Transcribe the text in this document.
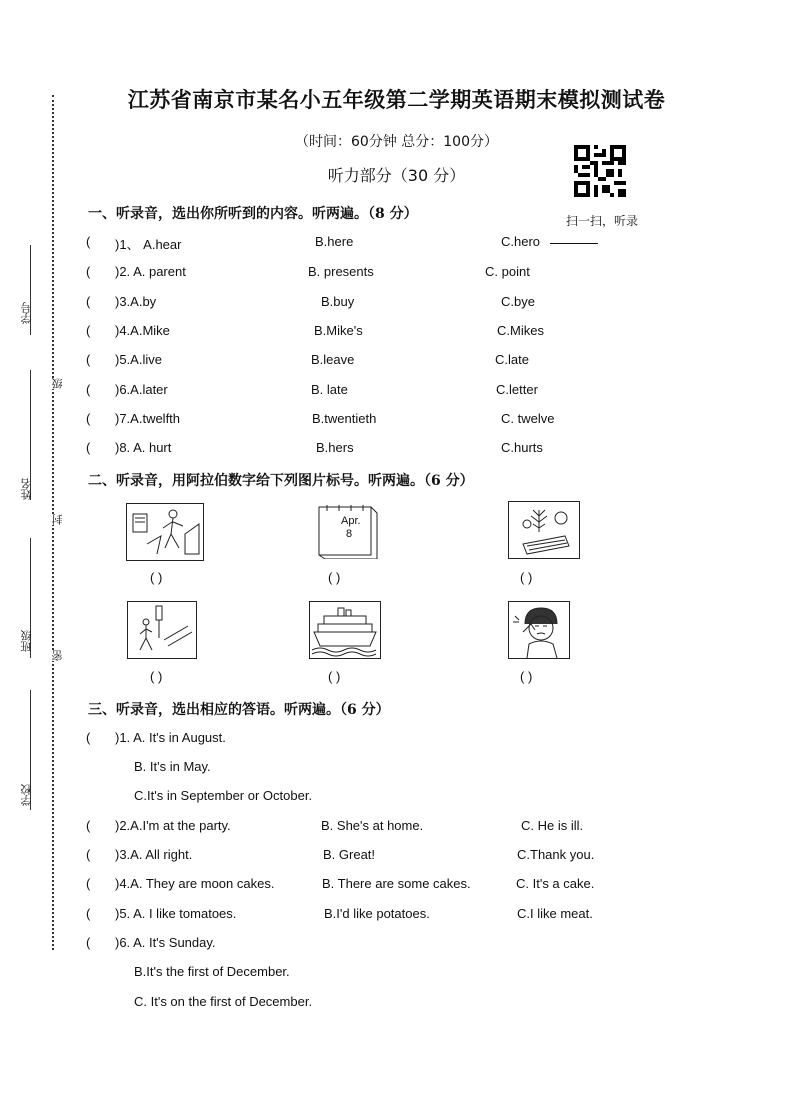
学号
级
姓名
封
班级
密
学校
江苏省南京市某名小五年级第二学期英语期末模拟测试卷
（时间：60分钟 总分：100分）
听力部分（30 分）
扫一扫，听录
一、听录音，选出你所听到的内容。听两遍。（8 分）
( )1、 A.hear	B.here	C.hero
( )2. A. parent	B. presents	C. point
( )3.A.by	B.buy	C.bye
( )4.A.Mike	B.Mike's	C.Mikes
( )5.A.live	B.leave	C.late
( )6.A.later	B. late	C.letter
( )7.A.twelfth	B.twentieth	C. twelve
( )8. A. hurt	B.hers	C.hurts
二、听录音，用阿拉伯数字给下列图片标号。听两遍。（6 分）
( )
Apr.
8
( )	( )
( )	( )	( )
三、听录音，选出相应的答语。听两遍。（6 分）
( )1. A. It's in August.
B. It's in May.
C.It's in September or October.
( )2.A.I'm at the party.	B. She's at home.	C. He is ill.
( )3.A. All right.	B. Great!	C.Thank you.
( )4.A. They are moon cakes.	B. There are some cakes.	C. It's a cake.
( )5. A. I like tomatoes.	B.I'd like potatoes.	C.I like meat.
( )6. A. It's Sunday.
B.It's the first of December.
C. It's on the first of December.
